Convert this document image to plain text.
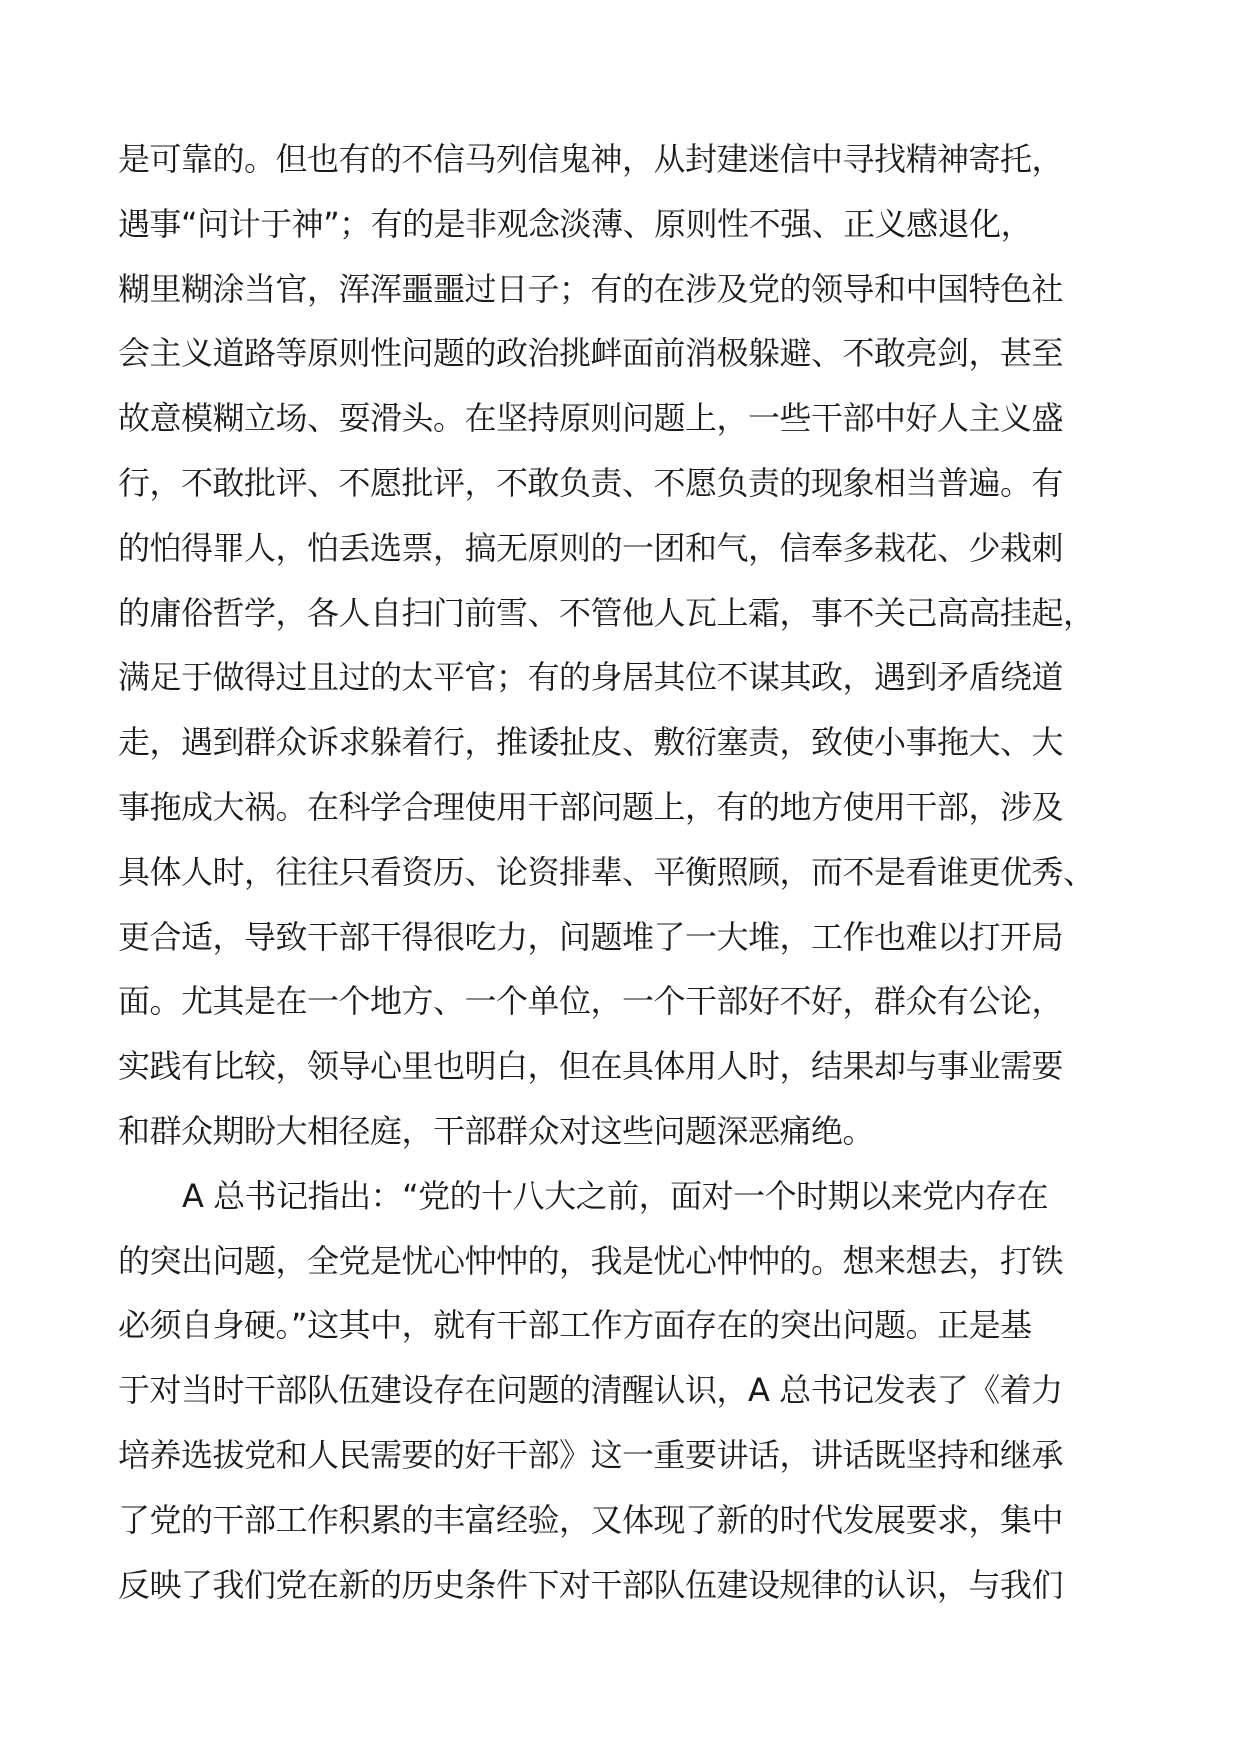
是可靠的。但也有的不信马列信鬼神，从封建迷信中寻找精神寄托，
遇事“问计于神”；有的是非观念淡薄、原则性不强、正义感退化，
糊里糊涂当官，浑浑噩噩过日子；有的在涉及党的领导和中国特色社
会主义道路等原则性问题的政治挑衅面前消极躲避、不敢亮剑，甚至
故意模糊立场、耍滑头。在坚持原则问题上，一些干部中好人主义盛
行，不敢批评、不愿批评，不敢负责、不愿负责的现象相当普遍。有
的怕得罪人，怕丢选票，搞无原则的一团和气，信奉多栽花、少栽刺
的庸俗哲学，各人自扫门前雪、不管他人瓦上霜，事不关己高高挂起，
满足于做得过且过的太平官；有的身居其位不谋其政，遇到矛盾绕道
走，遇到群众诉求躲着行，推诿扯皮、敷衍塞责，致使小事拖大、大
事拖成大祸。在科学合理使用干部问题上，有的地方使用干部，涉及
具体人时，往往只看资历、论资排辈、平衡照顾，而不是看谁更优秀、
更合适，导致干部干得很吃力，问题堆了一大堆，工作也难以打开局
面。尤其是在一个地方、一个单位，一个干部好不好，群众有公论，
实践有比较，领导心里也明白，但在具体用人时，结果却与事业需要
和群众期盼大相径庭，干部群众对这些问题深恶痛绝。
A 总书记指出：“党的十八大之前，面对一个时期以来党内存在
的突出问题，全党是忧心忡忡的，我是忧心忡忡的。想来想去，打铁
必须自身硬。”这其中，就有干部工作方面存在的突出问题。正是基
于对当时干部队伍建设存在问题的清醒认识，A 总书记发表了《着力
培养选拔党和人民需要的好干部》这一重要讲话，讲话既坚持和继承
了党的干部工作积累的丰富经验，又体现了新的时代发展要求，集中
反映了我们党在新的历史条件下对干部队伍建设规律的认识，与我们
